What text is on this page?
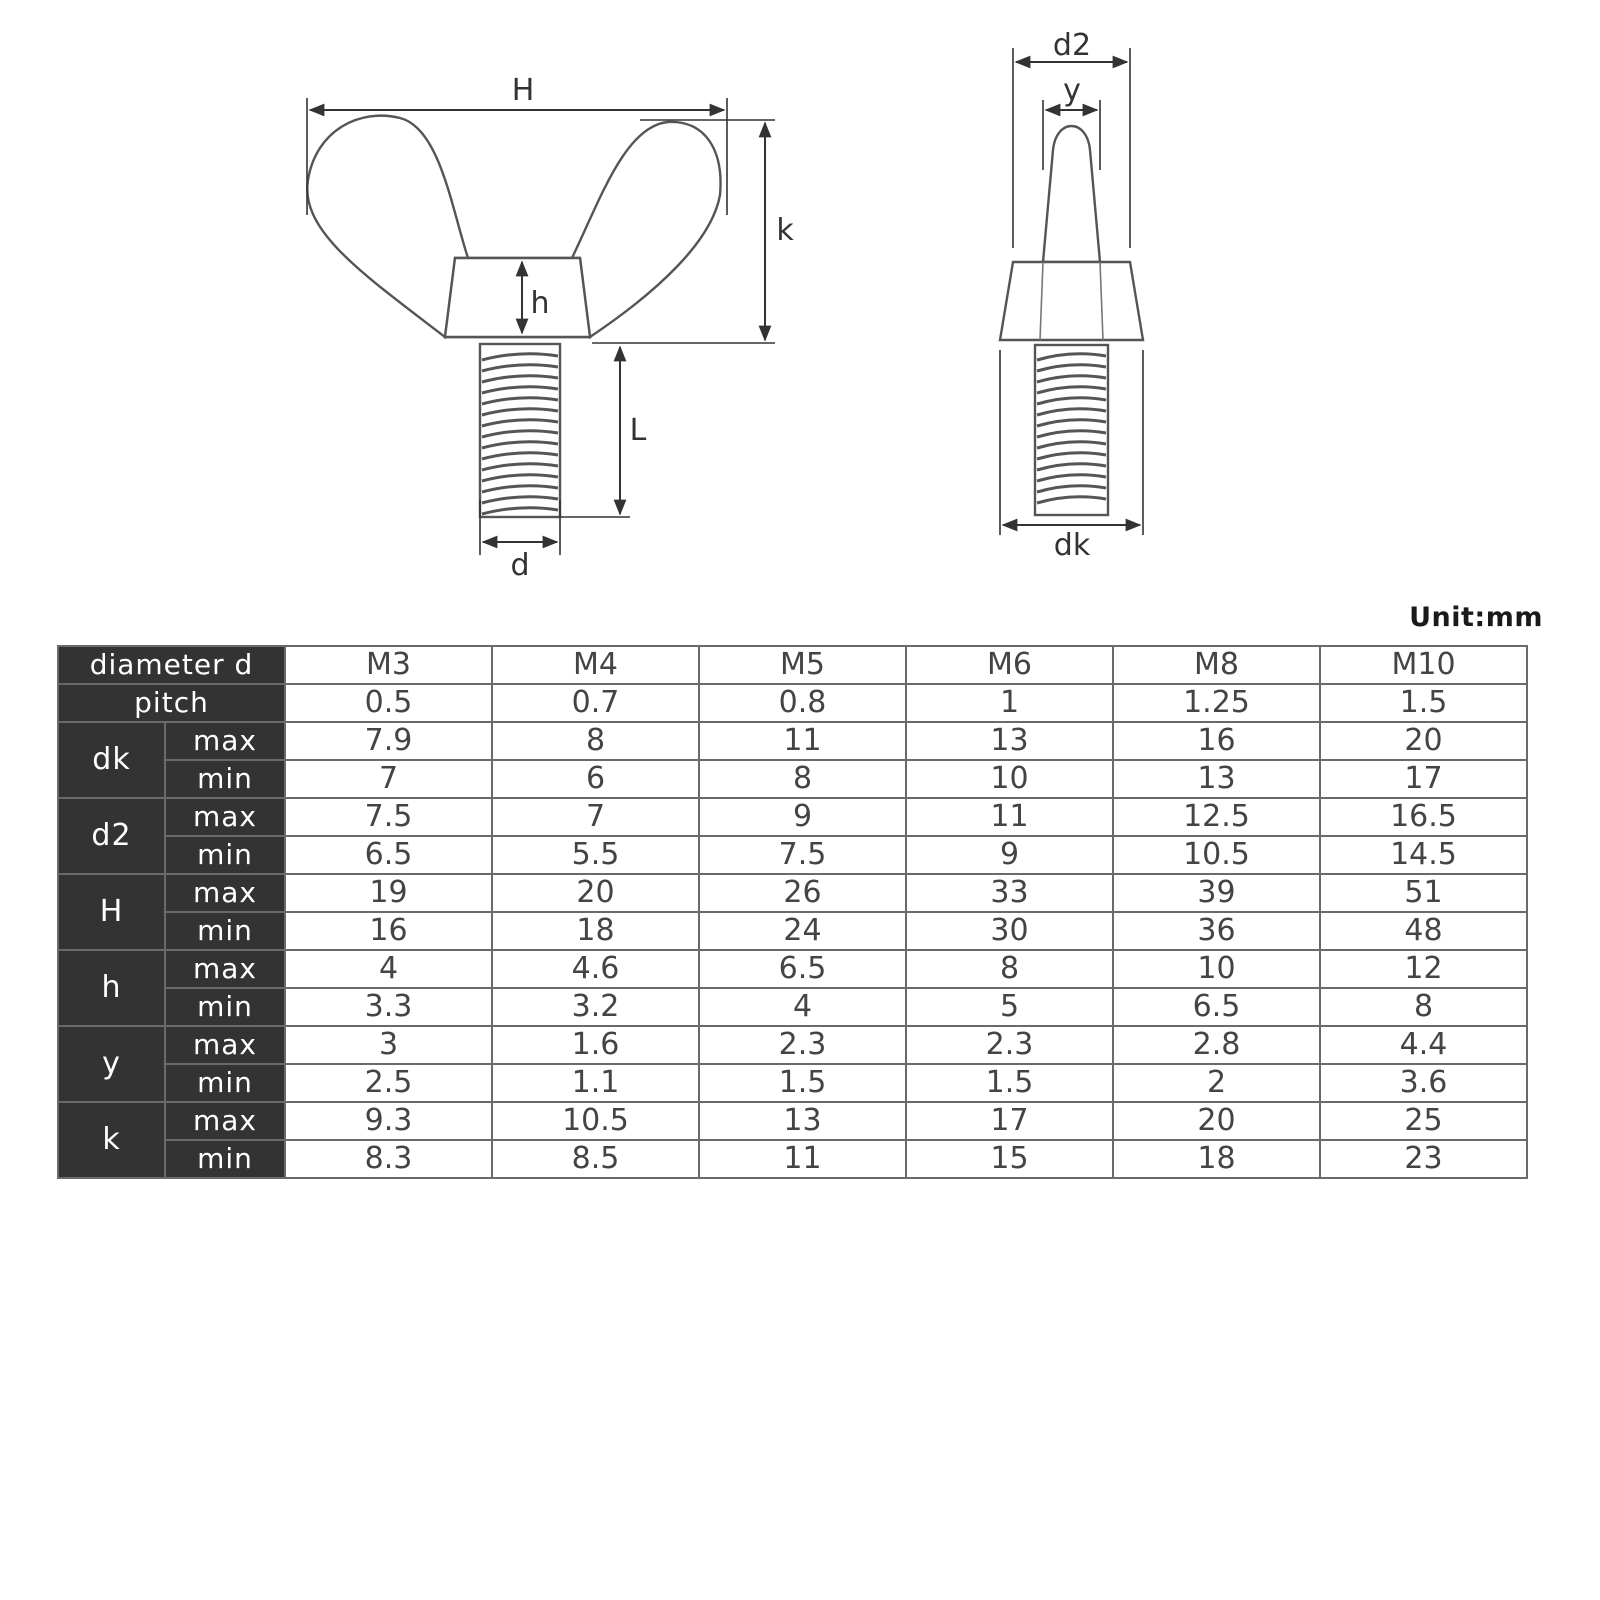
H
k
h
L
d
d2
y
dk
Unit:mm
diameter d		M3	M4	M5	M6	M8	M10
pitch		0.5	0.7	0.8	1	1.25	1.5
dk	max	7.9	8	11	13	16	20
	min	7	6	8	10	13	17
d2	max	7.5	7	9	11	12.5	16.5
	min	6.5	5.5	7.5	9	10.5	14.5
H	max	19	20	26	33	39	51
	min	16	18	24	30	36	48
h	max	4	4.6	6.5	8	10	12
	min	3.3	3.2	4	5	6.5	8
y	max	3	1.6	2.3	2.3	2.8	4.4
	min	2.5	1.1	1.5	1.5	2	3.6
k	max	9.3	10.5	13	17	20	25
	min	8.3	8.5	11	15	18	23
